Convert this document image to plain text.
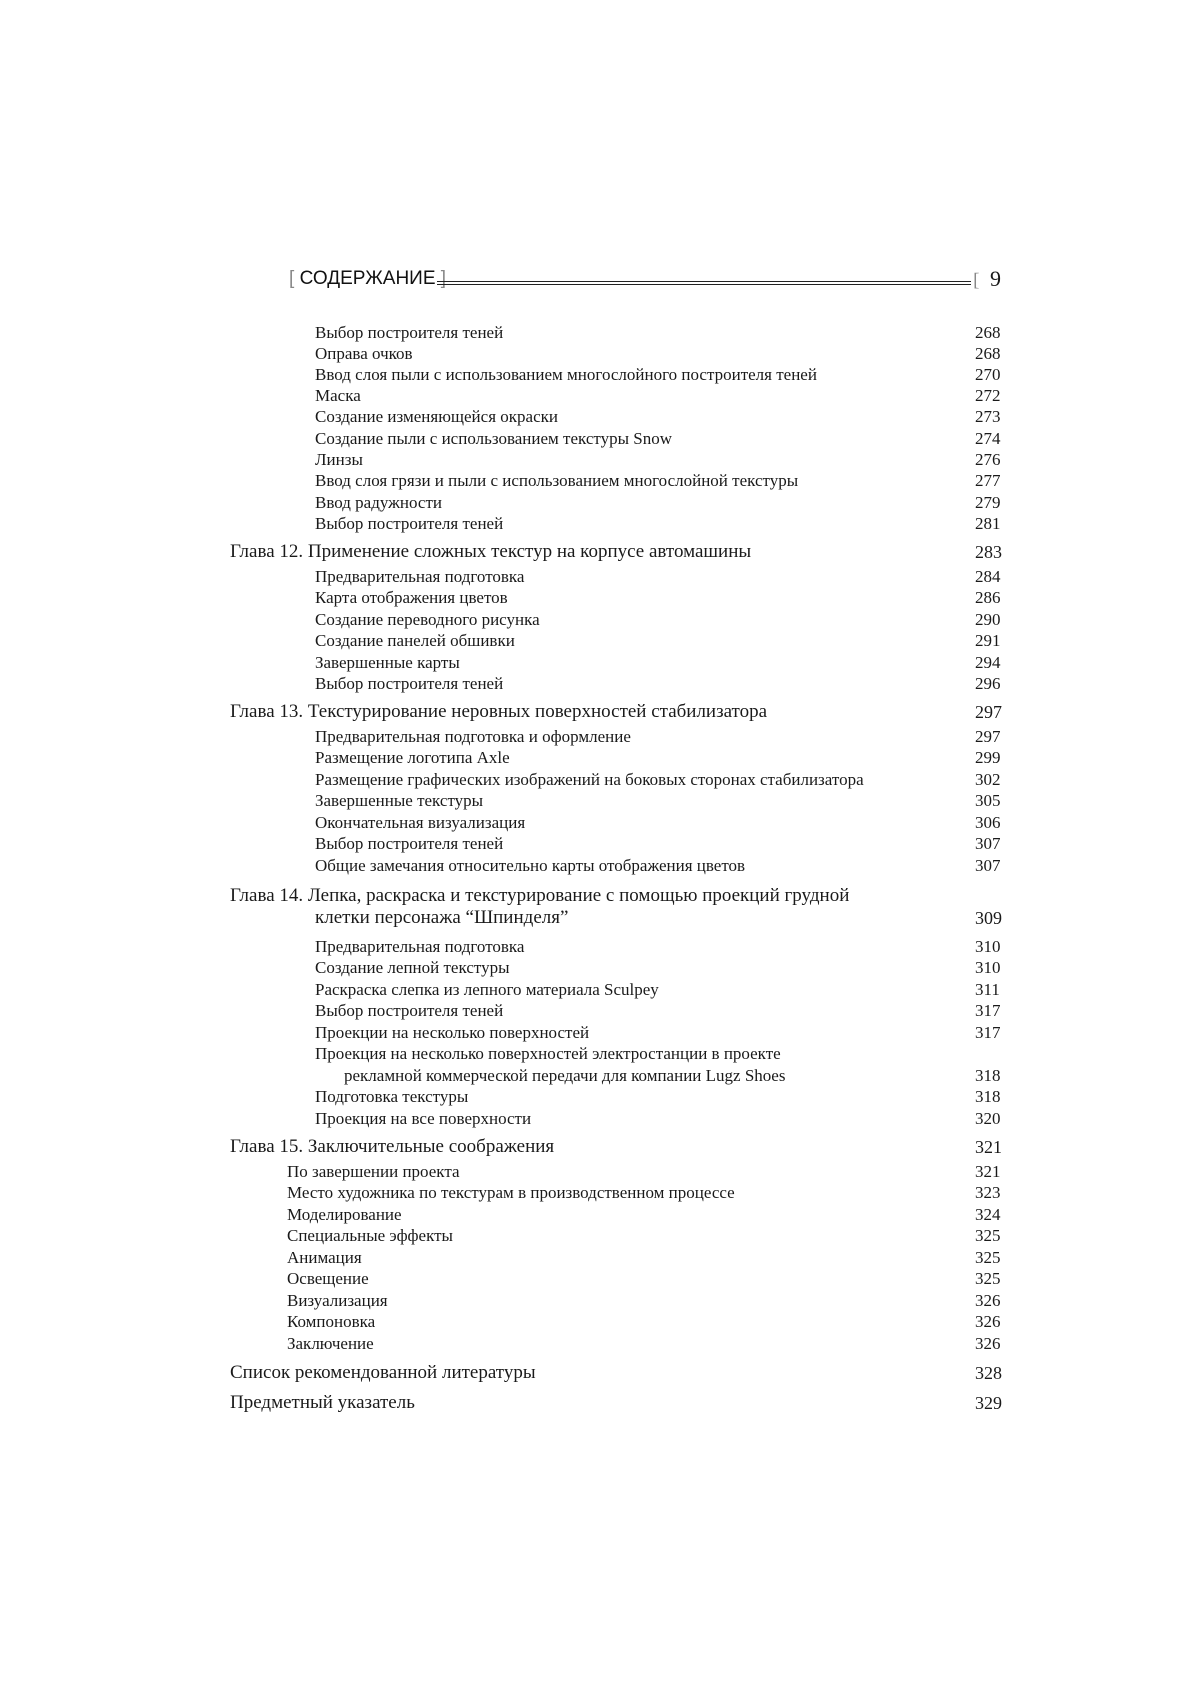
[ СОДЕРЖАНИЕ ]	[ 9
Выбор построителя теней	268
Оправа очков	268
Ввод слоя пыли с использованием многослойного построителя теней	270
Маска	272
Создание изменяющейся окраски	273
Создание пыли с использованием текстуры Snow	274
Линзы	276
Ввод слоя грязи и пыли с использованием многослойной текстуры	277
Ввод радужности	279
Выбор построителя теней	281
Глава 12. Применение сложных текстур на корпусе автомашины	283
Предварительная подготовка	284
Карта отображения цветов	286
Создание переводного рисунка	290
Создание панелей обшивки	291
Завершенные карты	294
Выбор построителя теней	296
Глава 13. Текстурирование неровных поверхностей стабилизатора	297
Предварительная подготовка и оформление	297
Размещение логотипа Axle	299
Размещение графических изображений на боковых сторонах стабилизатора	302
Завершенные текстуры	305
Окончательная визуализация	306
Выбор построителя теней	307
Общие замечания относительно карты отображения цветов	307
Глава 14. Лепка, раскраска и текстурирование с помощью проекций грудной
клетки персонажа “Шпинделя”	309
Предварительная подготовка	310
Создание лепной текстуры	310
Раскраска слепка из лепного материала Sculpey	311
Выбор построителя теней	317
Проекции на несколько поверхностей	317
Проекция на несколько поверхностей электростанции в проекте
рекламной коммерческой передачи для компании Lugz Shoes	318
Подготовка текстуры	318
Проекция на все поверхности	320
Глава 15. Заключительные соображения	321
По завершении проекта	321
Место художника по текстурам в производственном процессе	323
Моделирование	324
Специальные эффекты	325
Анимация	325
Освещение	325
Визуализация	326
Компоновка	326
Заключение	326
Список рекомендованной литературы	328
Предметный указатель	329
